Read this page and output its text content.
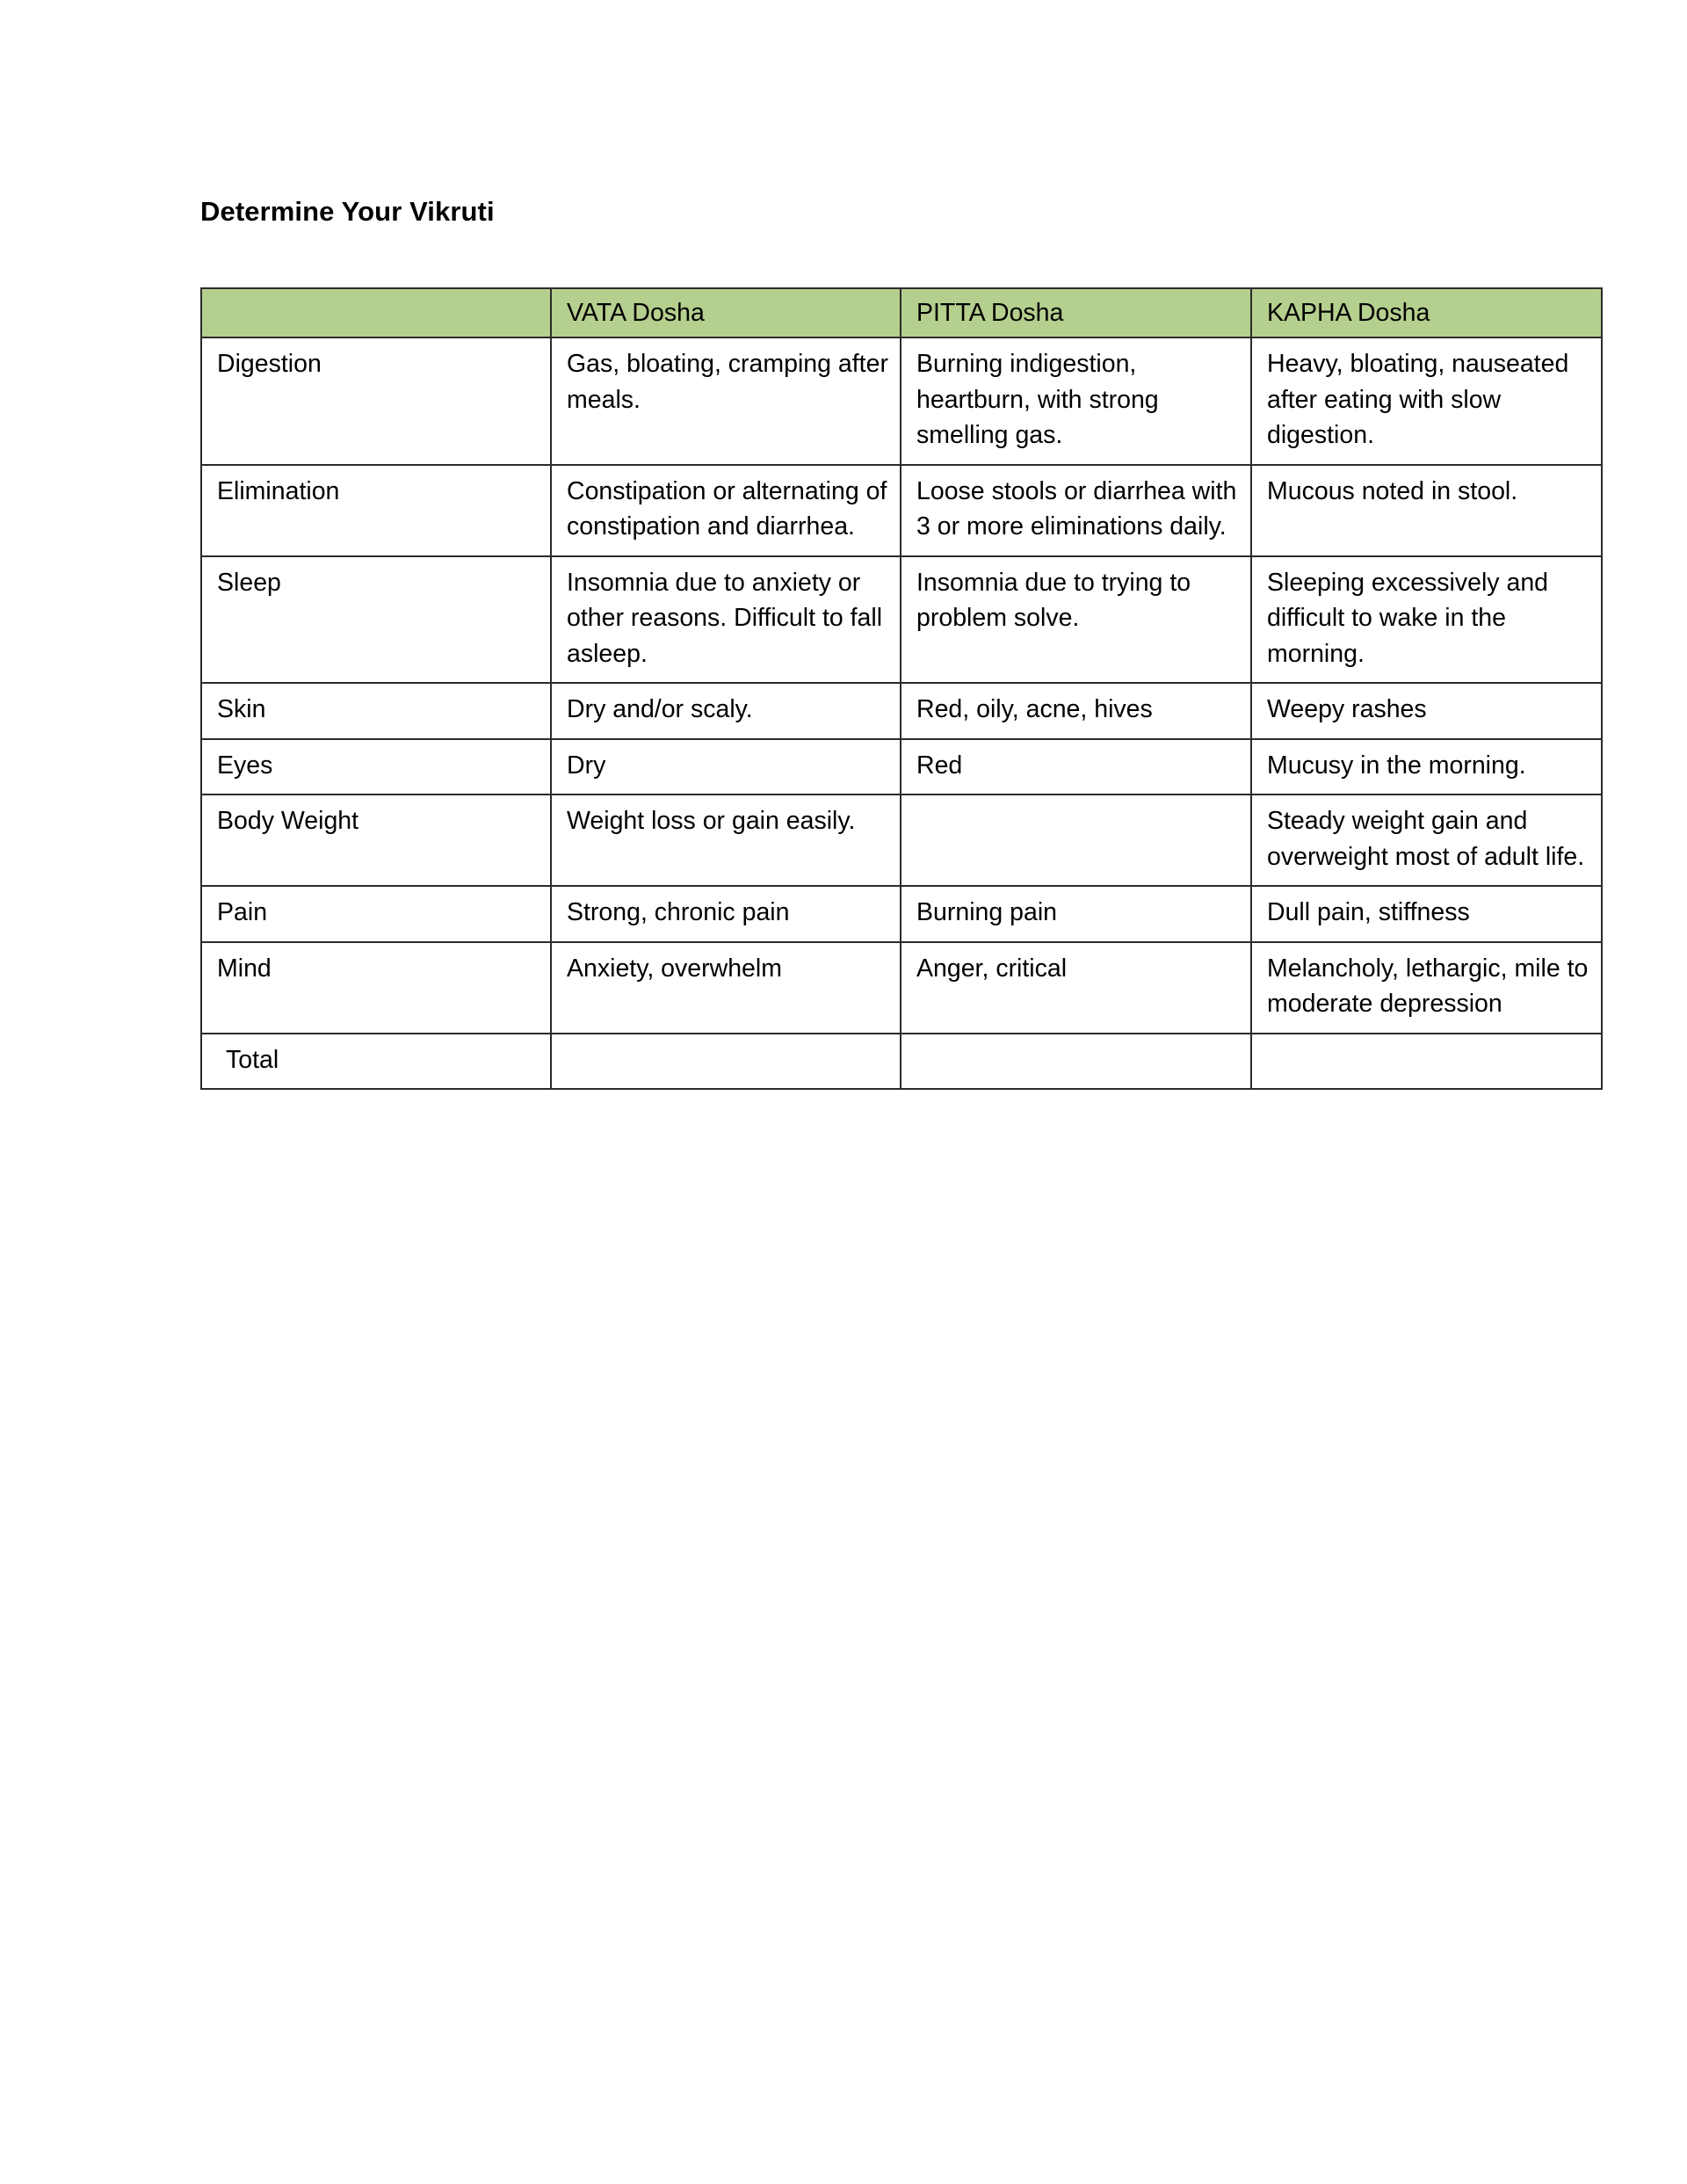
Determine Your Vikruti
	VATA Dosha	PITTA Dosha	KAPHA Dosha
Digestion	Gas, bloating, cramping after meals.	Burning indigestion, heartburn, with strong smelling gas.	Heavy, bloating, nauseated after eating with slow digestion.
Elimination	Constipation or alternating of constipation and diarrhea.	Loose stools or diarrhea with 3 or more eliminations daily.	Mucous noted in stool.
Sleep	Insomnia due to anxiety or other reasons. Difficult to fall asleep.	Insomnia due to trying to problem solve.	Sleeping excessively and difficult to wake in the morning.
Skin	Dry and/or scaly.	Red, oily, acne, hives	Weepy rashes
Eyes	Dry	Red	Mucusy in the morning.
Body Weight	Weight loss or gain easily.		Steady weight gain and overweight most of adult life.
Pain	Strong, chronic pain	Burning pain	Dull pain, stiffness
Mind	Anxiety, overwhelm	Anger, critical	Melancholy, lethargic, mile to moderate depression
Total			
